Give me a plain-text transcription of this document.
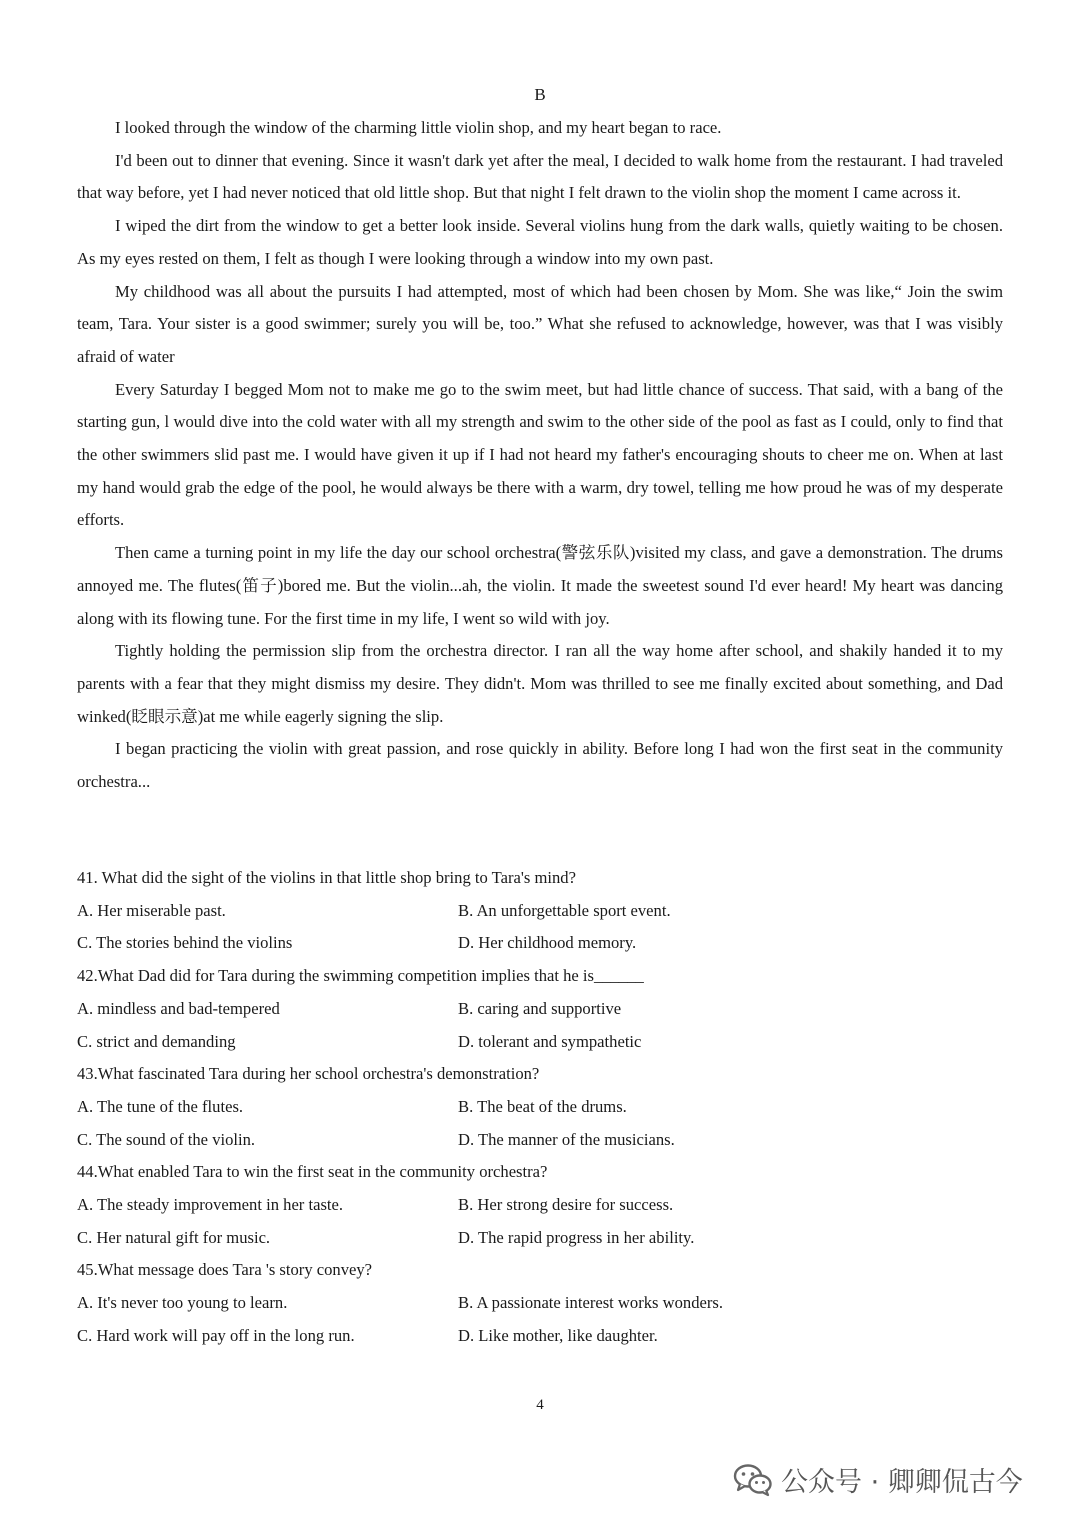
B

I looked through the window of the charming little violin shop, and my heart began to race.

I'd been out to dinner that evening. Since it wasn't dark yet after the meal, I decided to walk home from the restaurant. I had traveled that way before, yet I had never noticed that old little shop. But that night I felt drawn to the violin shop the moment I came across it.

I wiped the dirt from the window to get a better look inside. Several violins hung from the dark walls, quietly waiting to be chosen. As my eyes rested on them, I felt as though I were looking through a window into my own past.

My childhood was all about the pursuits I had attempted, most of which had been chosen by Mom. She was like,“ Join the swim team, Tara. Your sister is a good swimmer; surely you will be, too.” What she refused to acknowledge, however, was that I was visibly afraid of water

Every Saturday I begged Mom not to make me go to the swim meet, but had little chance of success. That said, with a bang of the starting gun, l would dive into the cold water with all my strength and swim to the other side of the pool as fast as I could, only to find that the other swimmers slid past me. I would have given it up if I had not heard my father's encouraging shouts to cheer me on. When at last my hand would grab the edge of the pool, he would always be there with a warm, dry towel, telling me how proud he was of my desperate efforts.

Then came a turning point in my life the day our school orchestra(警弦乐队)visited my class, and gave a demonstration. The drums annoyed me. The flutes(笛子)bored me. But the violin...ah, the violin. It made the sweetest sound I'd ever heard! My heart was dancing along with its flowing tune. For the first time in my life, I went so wild with joy.

Tightly holding the permission slip from the orchestra director. I ran all the way home after school, and shakily handed it to my parents with a fear that they might dismiss my desire. They didn't. Mom was thrilled to see me finally excited about something, and Dad winked(眨眼示意)at me while eagerly signing the slip.

I began practicing the violin with great passion, and rose quickly in ability. Before long I had won the first seat in the community orchestra...

41. What did the sight of the violins in that little shop bring to Tara's mind?

A. Her miserable past.	B. An unforgettable sport event.
C. The stories behind the violins	D. Her childhood memory.

42.What Dad did for Tara during the swimming competition implies that he is______

A. mindless and bad-tempered	B. caring and supportive
C. strict and demanding	D. tolerant and sympathetic

43.What fascinated Tara during her school orchestra's demonstration?

A. The tune of the flutes.	B. The beat of the drums.
C. The sound of the violin.	D. The manner of the musicians.

44.What enabled Tara to win the first seat in the community orchestra?

A. The steady improvement in her taste.	B. Her strong desire for success.
C. Her natural gift for music.	D. The rapid progress in her ability.

45.What message does Tara 's story convey?

A. It's never too young to learn.	B. A passionate interest works wonders.
C. Hard work will pay off in the long run.	D. Like mother, like daughter.
4
公众号 · 卿卿侃古今
